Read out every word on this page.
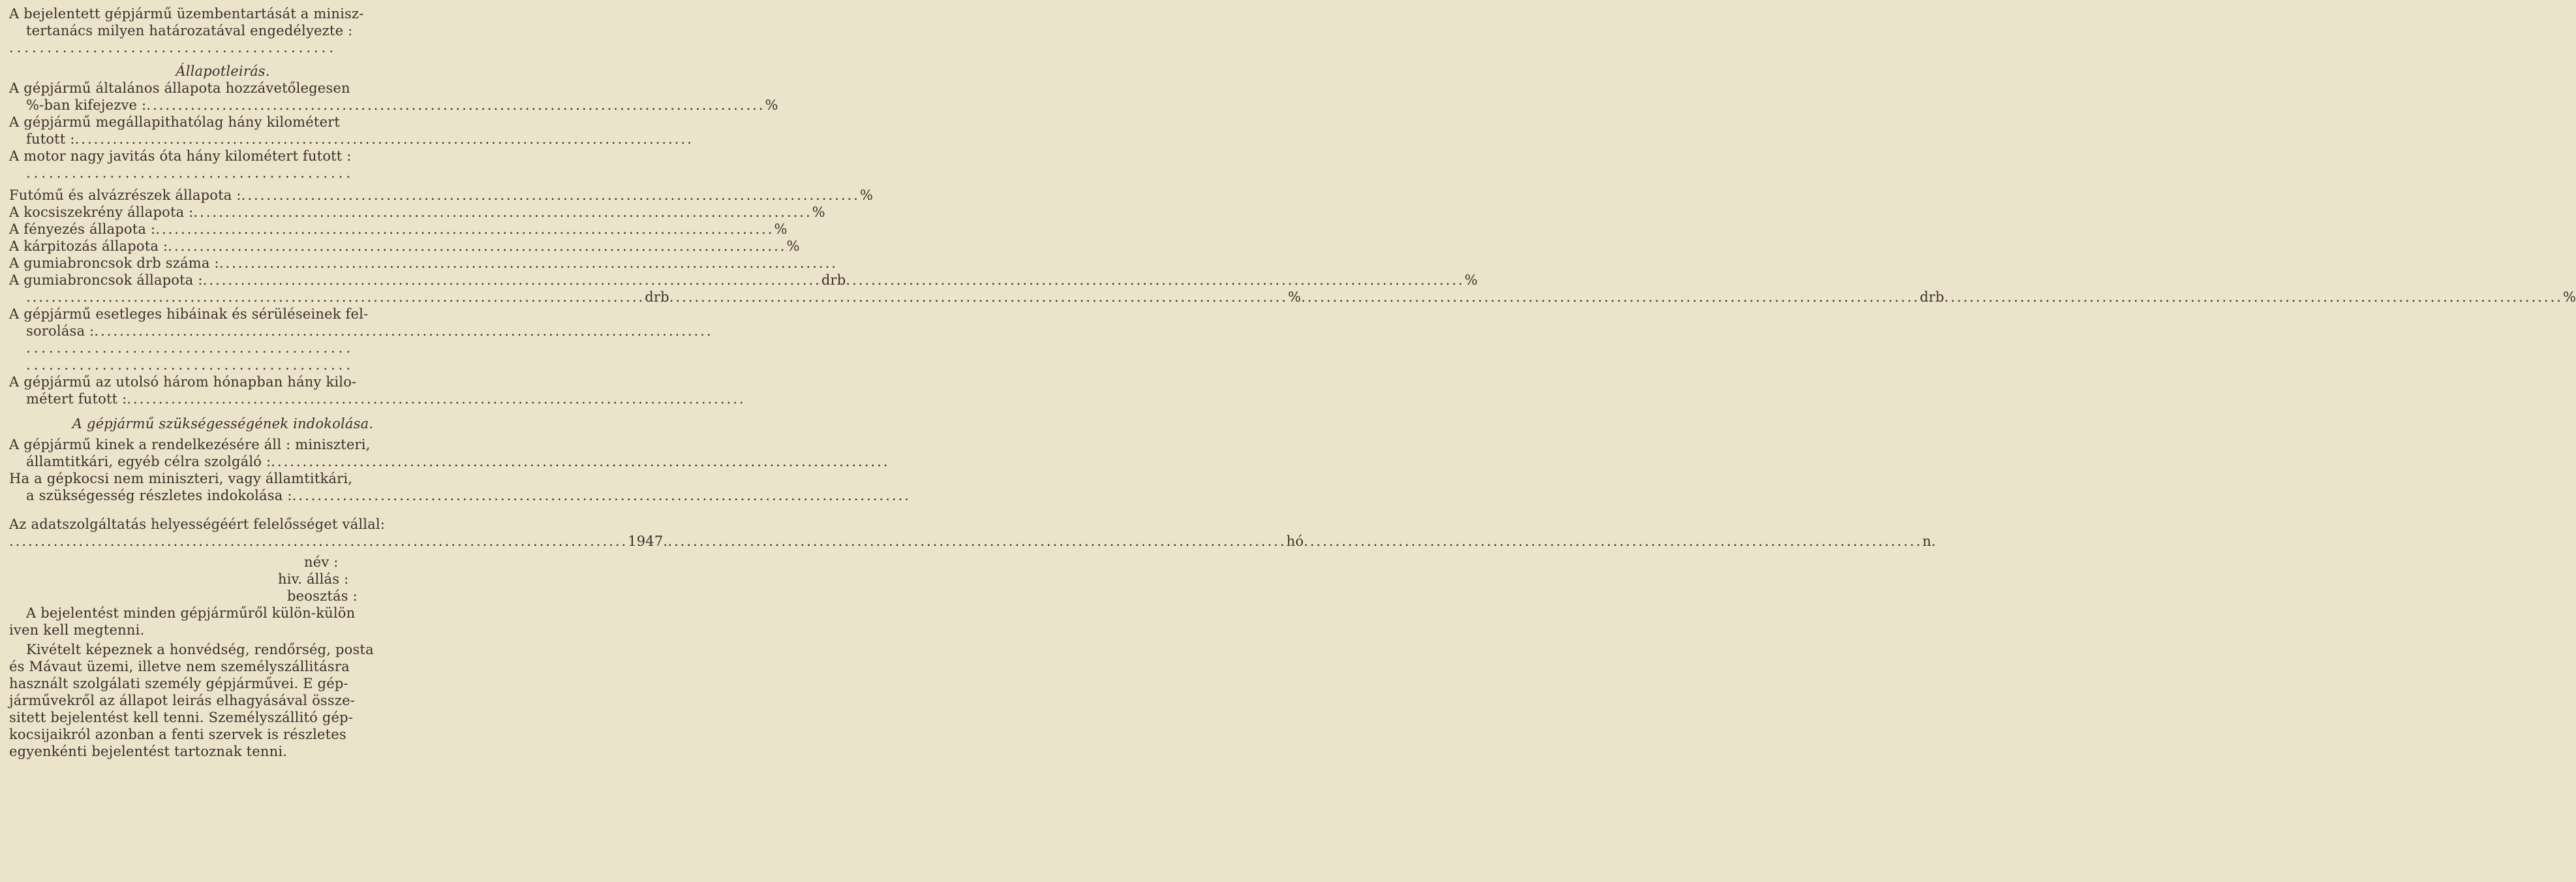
A bejelentett gépjármű üzembentartását a minisz-
tertanács milyen határozatával engedélyezte :
...........................................
Állapotleirás.
A gépjármű általános állapota hozzávetőlegesen
%-ban kifejezve : .................................................................................................. %
A gépjármű megállapithatólag hány kilométert
futott : ..................................................................................................
A motor nagy javitás óta hány kilométert futott :
...........................................
Futómű és alvázrészek állapota : .................................................................................................. %
A kocsiszekrény állapota : .................................................................................................. %
A fényezés állapota : .................................................................................................. %
A kárpitozás állapota : .................................................................................................. %
A gumiabroncsok drb száma : ..................................................................................................
A gumiabroncsok állapota : .................................................................................................. drb .................................................................................................. %
.................................................................................................. drb .................................................................................................. % .................................................................................................. drb .................................................................................................. %
A gépjármű esetleges hibáinak és sérüléseinek fel-
sorolása : ..................................................................................................
...........................................
...........................................
A gépjármű az utolsó három hónapban hány kilo-
métert futott : ..................................................................................................
A gépjármű szükségességének indokolása.
A gépjármű kinek a rendelkezésére áll : miniszteri,
államtitkári, egyéb célra szolgáló : ..................................................................................................
Ha a gépkocsi nem miniszteri, vagy államtitkári,
a szükségesség részletes indokolása : ..................................................................................................
Az adatszolgáltatás helyességéért felelősséget vállal:
.................................................................................................. 1947. .................................................................................................. hó .................................................................................................. n.
név :
hiv. állás :
beosztás :
A bejelentést minden gépjárműről külön-külön
iven kell megtenni.
Kivételt képeznek a honvédség, rendőrség, posta
és Mávaut üzemi, illetve nem személyszállitásra
használt szolgálati személy gépjárművei. E gép-
járművekről az állapot leirás elhagyásával össze-
sitett bejelentést kell tenni. Személyszállitó gép-
kocsijaikról azonban a fenti szervek is részletes
egyenkénti bejelentést tartoznak tenni.
